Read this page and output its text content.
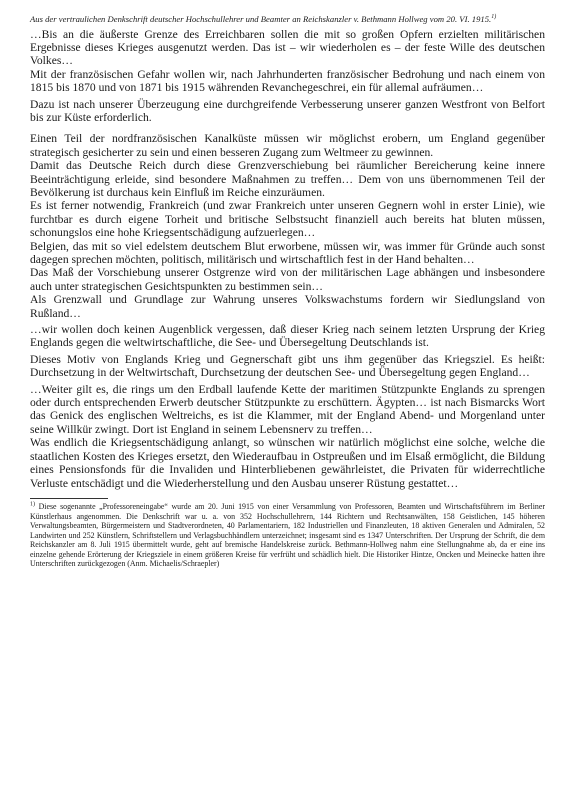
Aus der vertraulichen Denkschrift deutscher Hochschullehrer und Beamter an Reichskanzler v. Bethmann Hollweg vom 20. VI. 1915.$^{1)}$

…Bis an die äußerste Grenze des Erreichbaren sollen die mit so großen Opfern erzielten militärischen Ergebnisse dieses Krieges ausgenutzt werden. Das ist – wir wiederholen es – der feste Wille des deutschen Volkes…

Mit der französischen Gefahr wollen wir, nach Jahrhunderten französischer Bedrohung und nach einem von 1815 bis 1870 und von 1871 bis 1915 währenden Revanchegeschrei, ein für allemal aufräumen…

Dazu ist nach unserer Überzeugung eine durchgreifende Verbesserung unserer ganzen Westfront von Belfort bis zur Küste erforderlich.

Einen Teil der nordfranzösischen Kanalküste müssen wir möglichst erobern, um England gegenüber strategisch gesicherter zu sein und einen besseren Zugang zum Weltmeer zu gewinnen.

Damit das Deutsche Reich durch diese Grenzverschiebung bei räumlicher Bereicherung keine innere Beeinträchtigung erleide, sind besondere Maßnahmen zu treffen… Dem von uns übernommenen Teil der Bevölkerung ist durchaus kein Einfluß im Reiche einzuräumen.

Es ist ferner notwendig, Frankreich (und zwar Frankreich unter unseren Gegnern wohl in erster Linie), wie furchtbar es durch eigene Torheit und britische Selbstsucht finanziell auch bereits hat bluten müssen, schonungslos eine hohe Kriegsentschädigung aufzuerlegen…

Belgien, das mit so viel edelstem deutschem Blut erworbene, müssen wir, was immer für Gründe auch sonst dagegen sprechen möchten, politisch, militärisch und wirtschaftlich fest in der Hand behalten…

Das Maß der Vorschiebung unserer Ostgrenze wird von der militärischen Lage abhängen und insbesondere auch unter strategischen Gesichtspunkten zu bestimmen sein…

Als Grenzwall und Grundlage zur Wahrung unseres Volkswachstums fordern wir Siedlungsland von Rußland…

…wir wollen doch keinen Augenblick vergessen, daß dieser Krieg nach seinem letzten Ursprung der Krieg Englands gegen die weltwirtschaftliche, die See- und Übersegeltung Deutschlands ist.

Dieses Motiv von Englands Krieg und Gegnerschaft gibt uns ihm gegenüber das Kriegsziel. Es heißt: Durchsetzung in der Weltwirtschaft, Durchsetzung der deutschen See- und Übersegeltung gegen England…

…Weiter gilt es, die rings um den Erdball laufende Kette der maritimen Stützpunkte Englands zu sprengen oder durch entsprechenden Erwerb deutscher Stützpunkte zu erschüttern. Ägypten… ist nach Bismarcks Wort das Genick des englischen Weltreichs, es ist die Klammer, mit der England Abend- und Morgenland unter seine Willkür zwingt. Dort ist England in seinem Lebensnerv zu treffen…

Was endlich die Kriegsentschädigung anlangt, so wünschen wir natürlich möglichst eine solche, welche die staatlichen Kosten des Krieges ersetzt, den Wiederaufbau in Ostpreußen und im Elsaß ermöglicht, die Bildung eines Pensionsfonds für die Invaliden und Hinterbliebenen gewährleistet, die Privaten für widerrechtliche Verluste entschädigt und die Wiederherstellung und den Ausbau unserer Rüstung gestattet…

$^{1)}$ Diese sogenannte „Professoreneingabe“ wurde am 20. Juni 1915 von einer Versammlung von Professoren, Beamten und Wirtschaftsführern im Berliner Künstlerhaus angenommen. Die Denkschrift war u. a. von 352 Hochschullehrern, 144 Richtern und Rechtsanwälten, 158 Geistlichen, 145 höheren Verwaltungsbeamten, Bürgermeistern und Stadtverordneten, 40 Parlamentariern, 182 Industriellen und Finanzleuten, 18 aktiven Generalen und Admiralen, 52 Landwirten und 252 Künstlern, Schriftstellern und Verlagsbuchhändlern unterzeichnet; insgesamt sind es 1347 Unterschriften. Der Ursprung der Schrift, die dem Reichskanzler am 8. Juli 1915 übermittelt wurde, geht auf bremische Handelskreise zurück. Bethmann-Hollweg nahm eine Stellungnahme ab, da er eine ins einzelne gehende Erörterung der Kriegsziele in einem größeren Kreise für verfrüht und schädlich hielt. Die Historiker Hintze, Oncken und Meinecke hatten ihre Unterschriften zurückgezogen (Anm. Michaelis/Schraepler)
